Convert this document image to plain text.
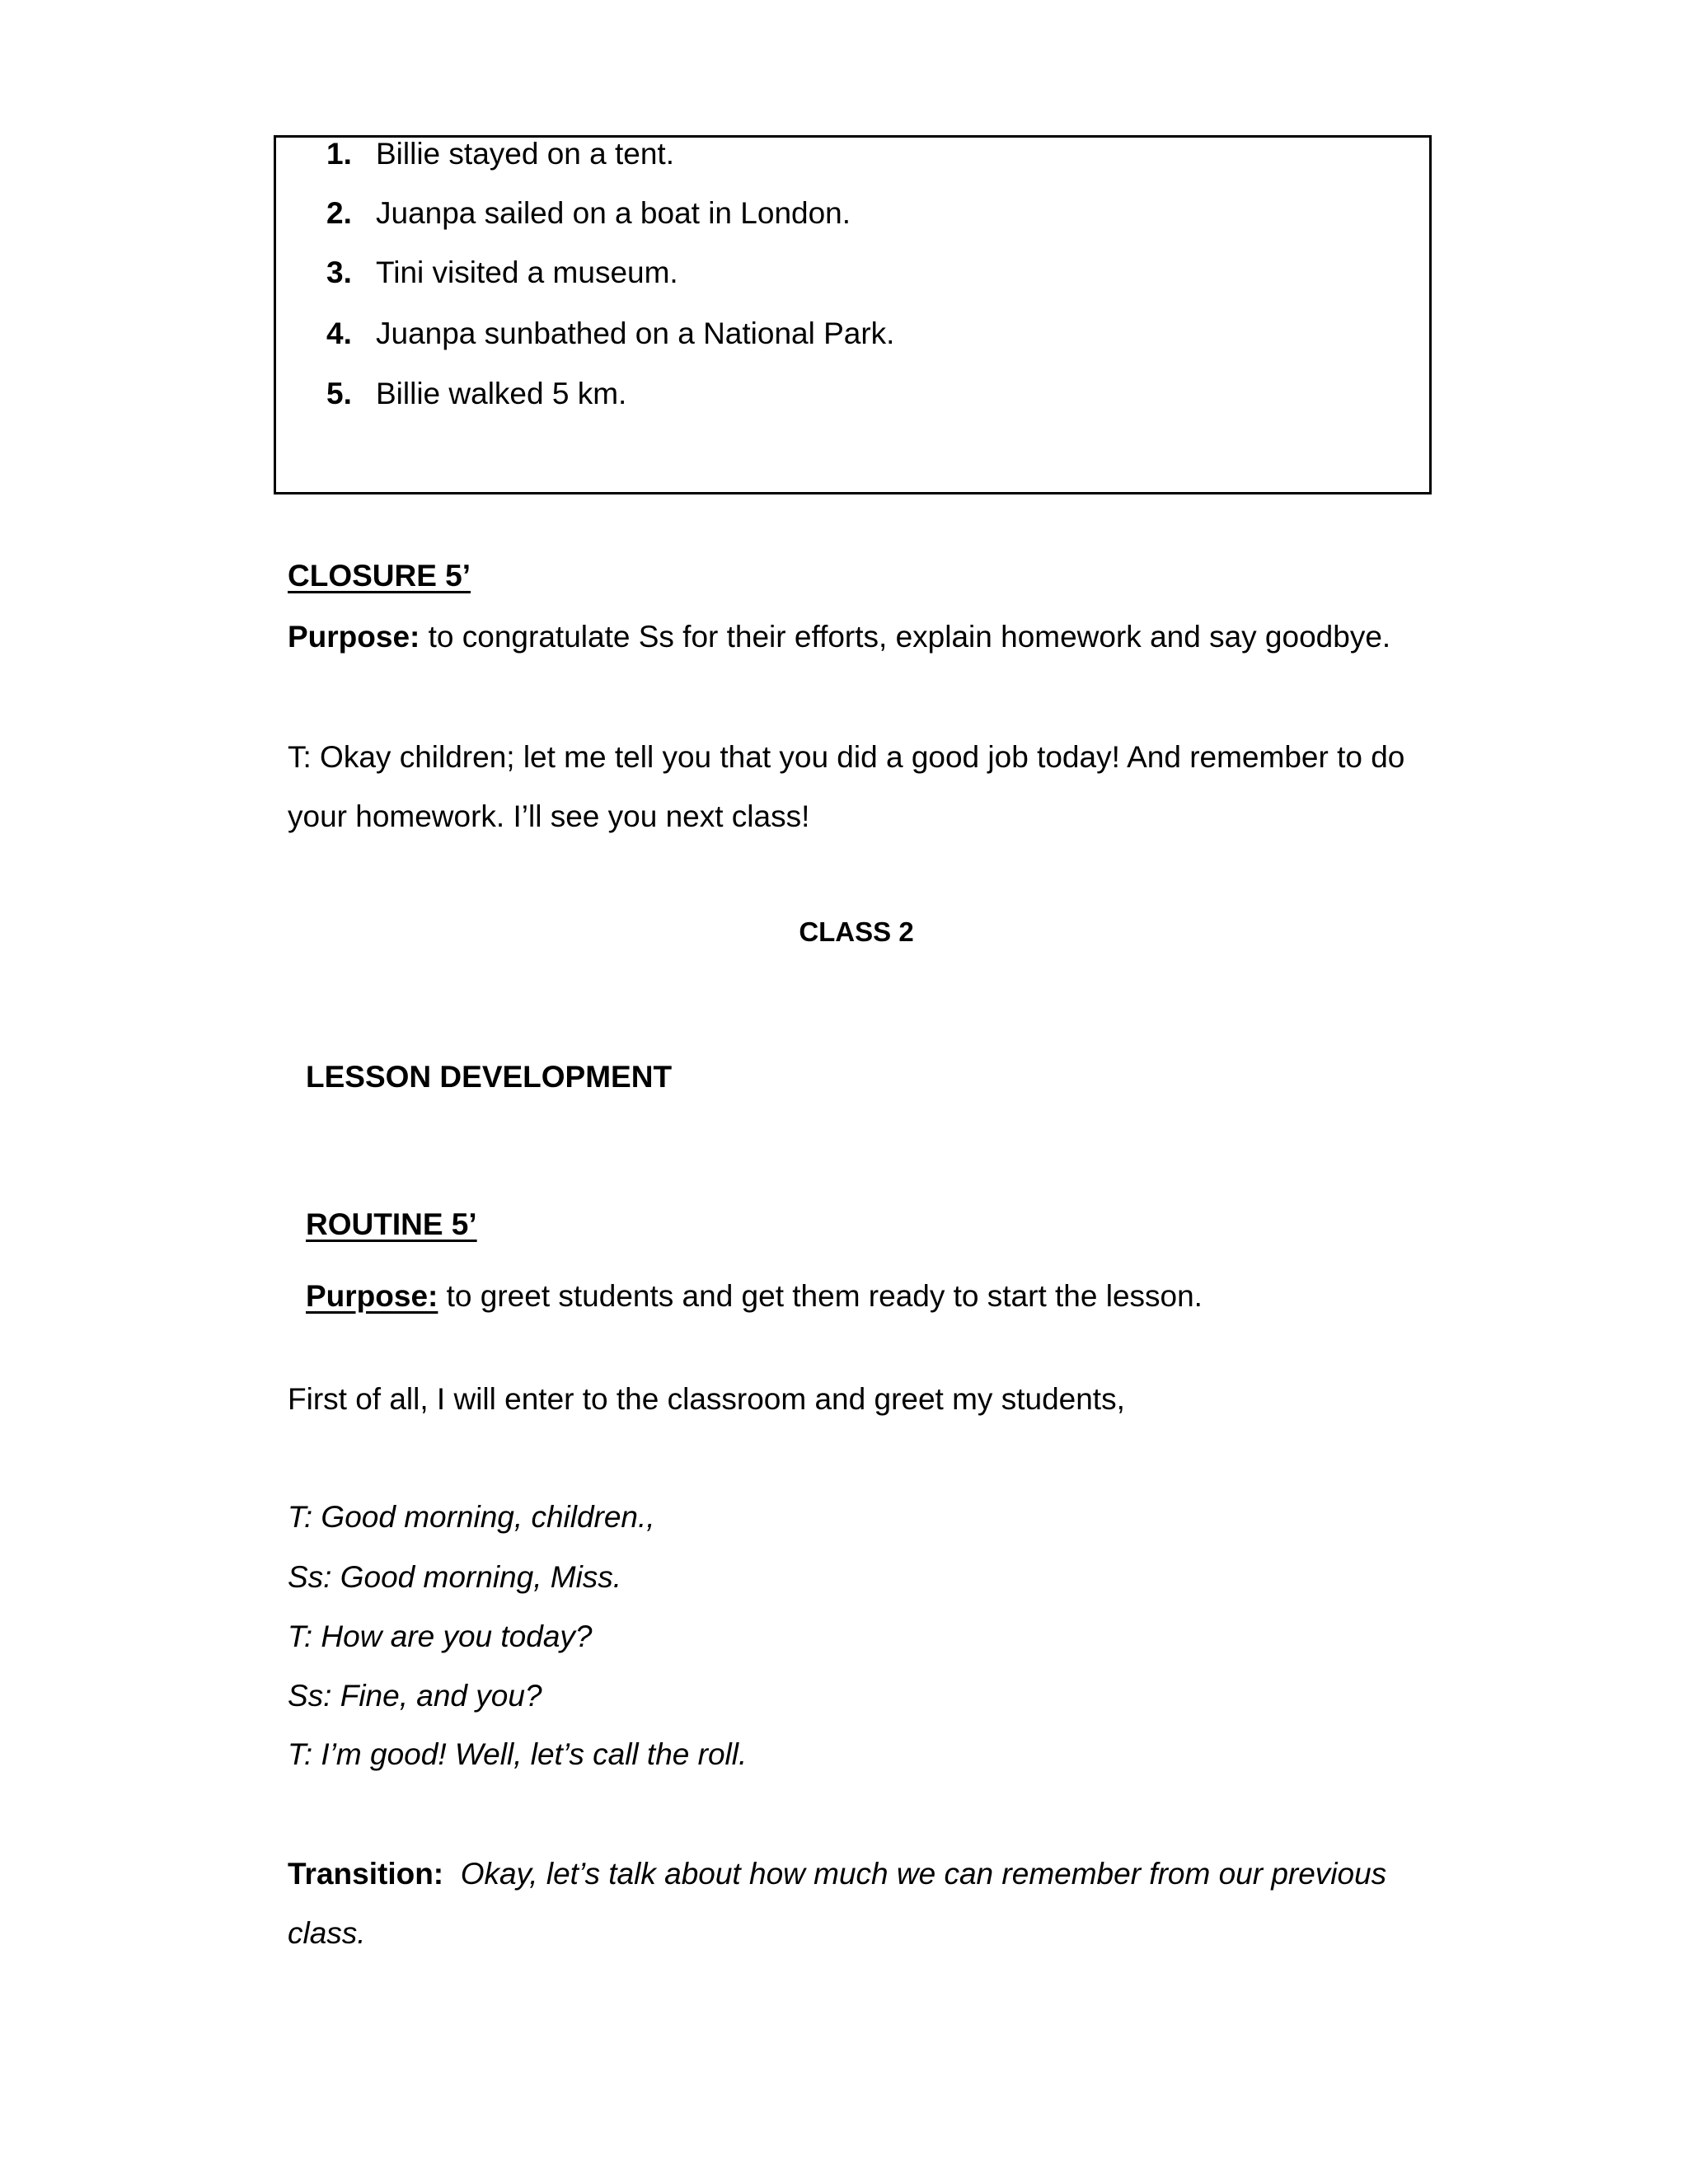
1. Billie stayed on a tent.
2. Juanpa sailed on a boat in London.
3. Tini visited a museum.
4. Juanpa sunbathed on a National Park.
5. Billie walked 5 km.
CLOSURE 5’
Purpose: to congratulate Ss for their efforts, explain homework and say goodbye.
T: Okay children; let me tell you that you did a good job today! And remember to do
your homework. I’ll see you next class!
CLASS 2
LESSON DEVELOPMENT
ROUTINE 5’
Purpose: to greet students and get them ready to start the lesson.
First of all, I will enter to the classroom and greet my students,
T: Good morning, children.,
Ss: Good morning, Miss.
T: How are you today?
Ss: Fine, and you?
T: I’m good! Well, let’s call the roll.
Transition: Okay, let’s talk about how much we can remember from our previous
class.
